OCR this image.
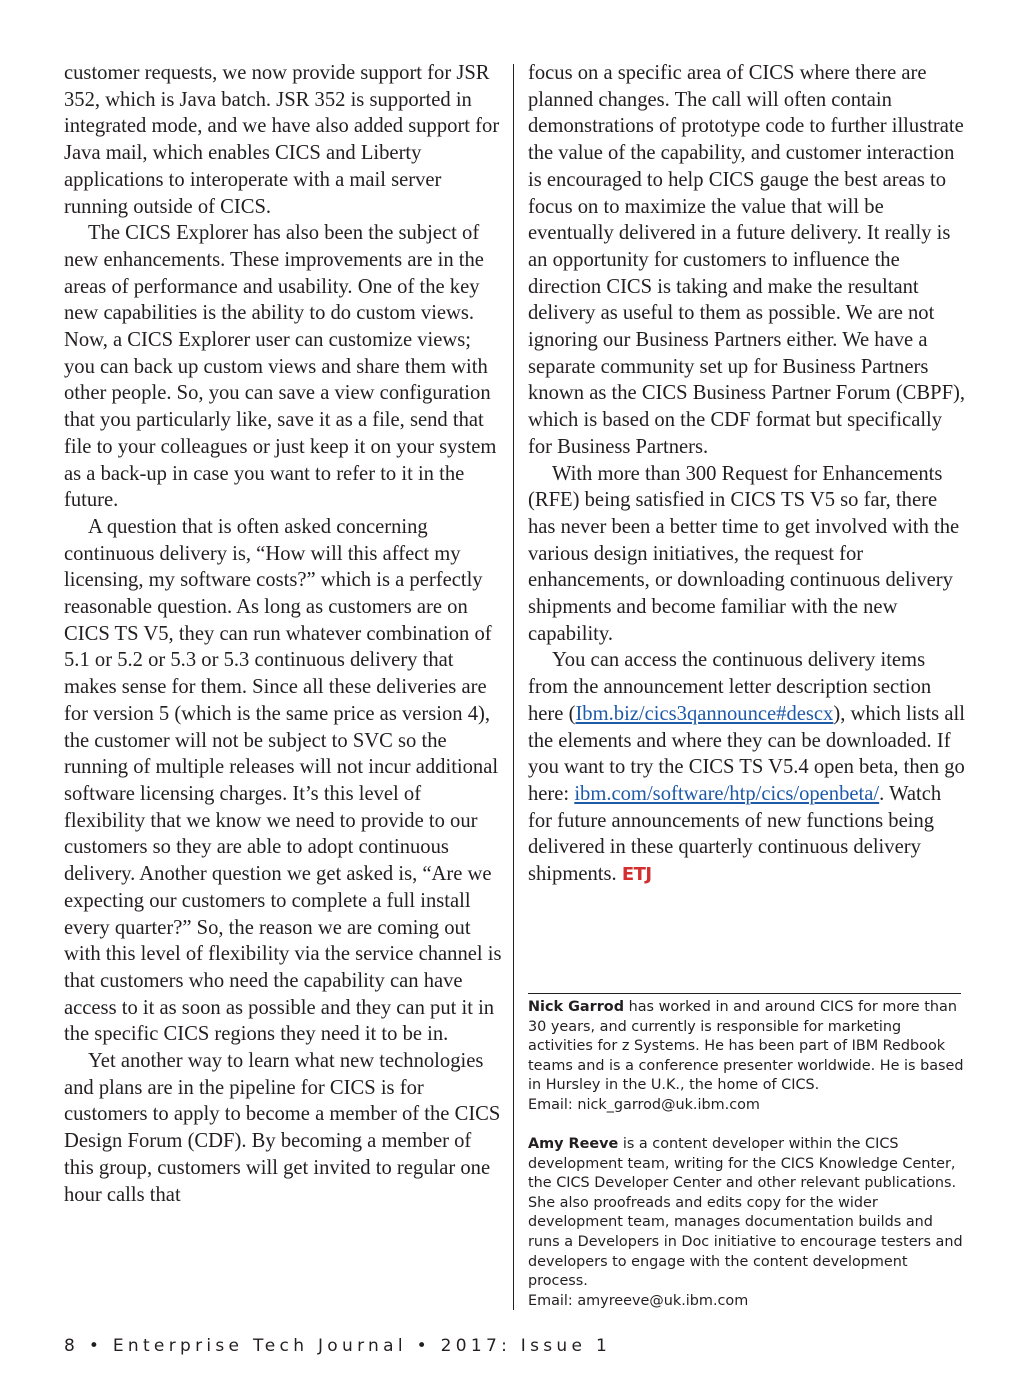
customer requests, we now provide support for JSR 352, which is Java batch. JSR 352 is supported in integrated mode, and we have also added support for Java mail, which enables CICS and Liberty applications to interoperate with a mail server running outside of CICS.

The CICS Explorer has also been the subject of new enhancements. These improvements are in the areas of performance and usability. One of the key new capabilities is the ability to do custom views. Now, a CICS Explorer user can customize views; you can back up custom views and share them with other people. So, you can save a view configuration that you particularly like, save it as a file, send that file to your colleagues or just keep it on your system as a back-up in case you want to refer to it in the future.

A question that is often asked concerning continuous delivery is, “How will this affect my licensing, my software costs?” which is a perfectly reasonable question. As long as customers are on CICS TS V5, they can run whatever combination of 5.1 or 5.2 or 5.3 or 5.3 continuous delivery that makes sense for them. Since all these deliveries are for version 5 (which is the same price as version 4), the customer will not be subject to SVC so the running of multiple releases will not incur additional software licensing charges. It’s this level of flexibility that we know we need to provide to our customers so they are able to adopt continuous delivery. Another question we get asked is, “Are we expecting our customers to complete a full install every quarter?” So, the reason we are coming out with this level of flexibility via the service channel is that customers who need the capability can have access to it as soon as possible and they can put it in the specific CICS regions they need it to be in.

Yet another way to learn what new technologies and plans are in the pipeline for CICS is for customers to apply to become a member of the CICS Design Forum (CDF). By becoming a member of this group, customers will get invited to regular one hour calls that

focus on a specific area of CICS where there are planned changes. The call will often contain demonstrations of prototype code to further illustrate the value of the capability, and customer interaction is encouraged to help CICS gauge the best areas to focus on to maximize the value that will be eventually delivered in a future delivery. It really is an opportunity for customers to influence the direction CICS is taking and make the resultant delivery as useful to them as possible. We are not ignoring our Business Partners either. We have a separate community set up for Business Partners known as the CICS Business Partner Forum (CBPF), which is based on the CDF format but specifically for Business Partners.

With more than 300 Request for Enhancements (RFE) being satisfied in CICS TS V5 so far, there has never been a better time to get involved with the various design initiatives, the request for enhancements, or downloading continuous delivery shipments and become familiar with the new capability.

You can access the continuous delivery items from the announcement letter description section here (Ibm.biz/cics3qannounce#descx), which lists all the elements and where they can be downloaded. If you want to try the CICS TS V5.4 open beta, then go here: ibm.com/software/htp/cics/openbeta/. Watch for future announcements of new functions being delivered in these quarterly continuous delivery shipments. ETJ

Nick Garrod has worked in and around CICS for more than 30 years, and currently is responsible for marketing activities for z Systems. He has been part of IBM Redbook teams and is a conference presenter worldwide. He is based in Hursley in the U.K., the home of CICS.

Email: nick_garrod@uk.ibm.com

Amy Reeve is a content developer within the CICS development team, writing for the CICS Knowledge Center, the CICS Developer Center and other relevant publications. She also proofreads and edits copy for the wider development team, manages documentation builds and runs a Developers in Doc initiative to encourage testers and developers to engage with the content development process.

Email: amyreeve@uk.ibm.com

8 • Enterprise Tech Journal • 2017: Issue 1
